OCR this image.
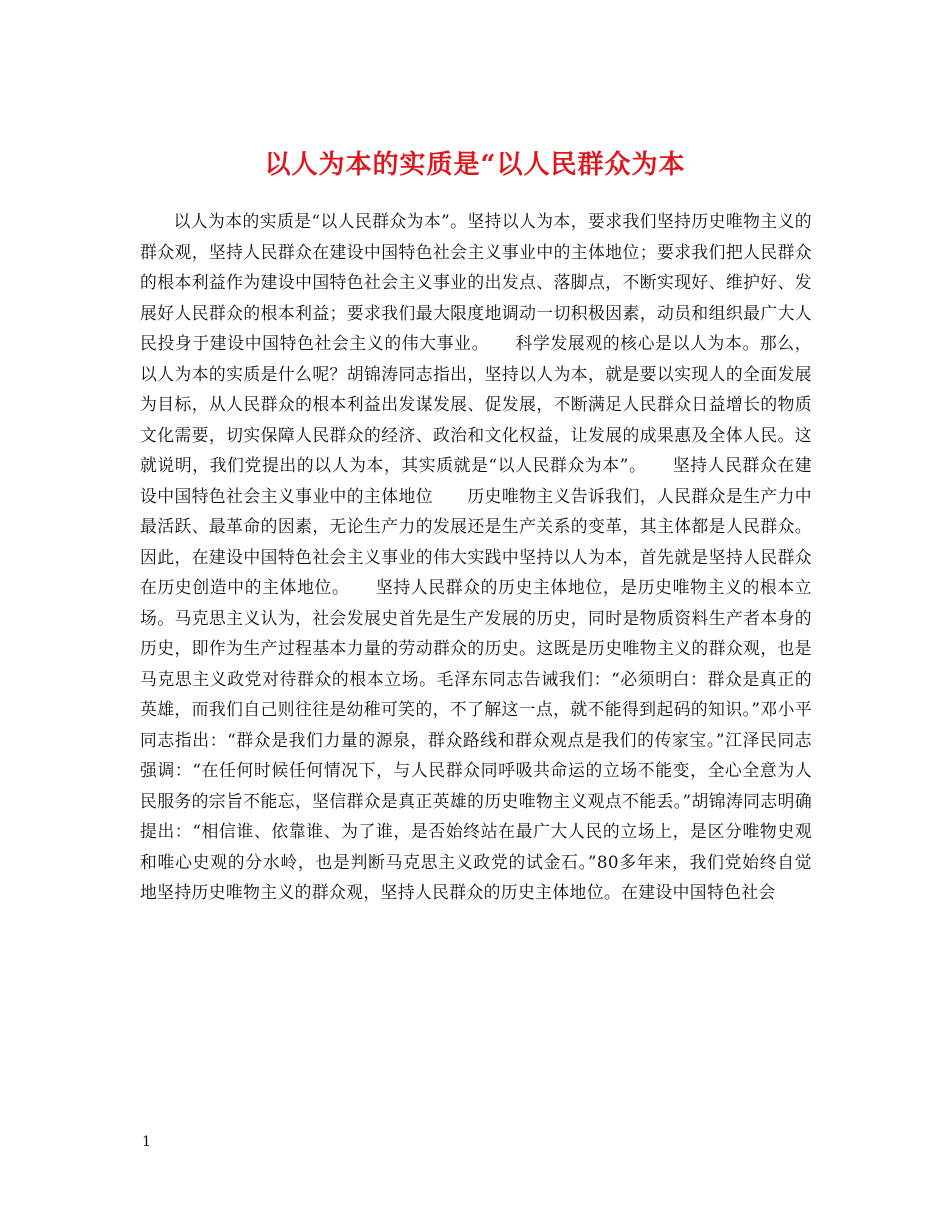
以人为本的实质是“以人民群众为本

以人为本的实质是“以人民群众为本”。坚持以人为本，要求我们坚持历史唯物主义的群众观，坚持人民群众在建设中国特色社会主义事业中的主体地位；要求我们把人民群众的根本利益作为建设中国特色社会主义事业的出发点、落脚点，不断实现好、维护好、发展好人民群众的根本利益；要求我们最大限度地调动一切积极因素，动员和组织最广大人民投身于建设中国特色社会主义的伟大事业。　　科学发展观的核心是以人为本。那么，以人为本的实质是什么呢？胡锦涛同志指出，坚持以人为本，就是要以实现人的全面发展为目标，从人民群众的根本利益出发谋发展、促发展，不断满足人民群众日益增长的物质文化需要，切实保障人民群众的经济、政治和文化权益，让发展的成果惠及全体人民。这就说明，我们党提出的以人为本，其实质就是“以人民群众为本”。　　坚持人民群众在建设中国特色社会主义事业中的主体地位　　历史唯物主义告诉我们，人民群众是生产力中最活跃、最革命的因素，无论生产力的发展还是生产关系的变革，其主体都是人民群众。因此，在建设中国特色社会主义事业的伟大实践中坚持以人为本，首先就是坚持人民群众在历史创造中的主体地位。　　坚持人民群众的历史主体地位，是历史唯物主义的根本立场。马克思主义认为，社会发展史首先是生产发展的历史，同时是物质资料生产者本身的历史，即作为生产过程基本力量的劳动群众的历史。这既是历史唯物主义的群众观，也是马克思主义政党对待群众的根本立场。毛泽东同志告诫我们：“必须明白：群众是真正的英雄，而我们自己则往往是幼稚可笑的，不了解这一点，就不能得到起码的知识。”邓小平同志指出：“群众是我们力量的源泉，群众路线和群众观点是我们的传家宝。”江泽民同志强调：“在任何时候任何情况下，与人民群众同呼吸共命运的立场不能变，全心全意为人民服务的宗旨不能忘，坚信群众是真正英雄的历史唯物主义观点不能丢。”胡锦涛同志明确提出：“相信谁、依靠谁、为了谁，是否始终站在最广大人民的立场上，是区分唯物史观和唯心史观的分水岭，也是判断马克思主义政党的试金石。”80多年来，我们党始终自觉地坚持历史唯物主义的群众观，坚持人民群众的历史主体地位。在建设中国特色社会

1
